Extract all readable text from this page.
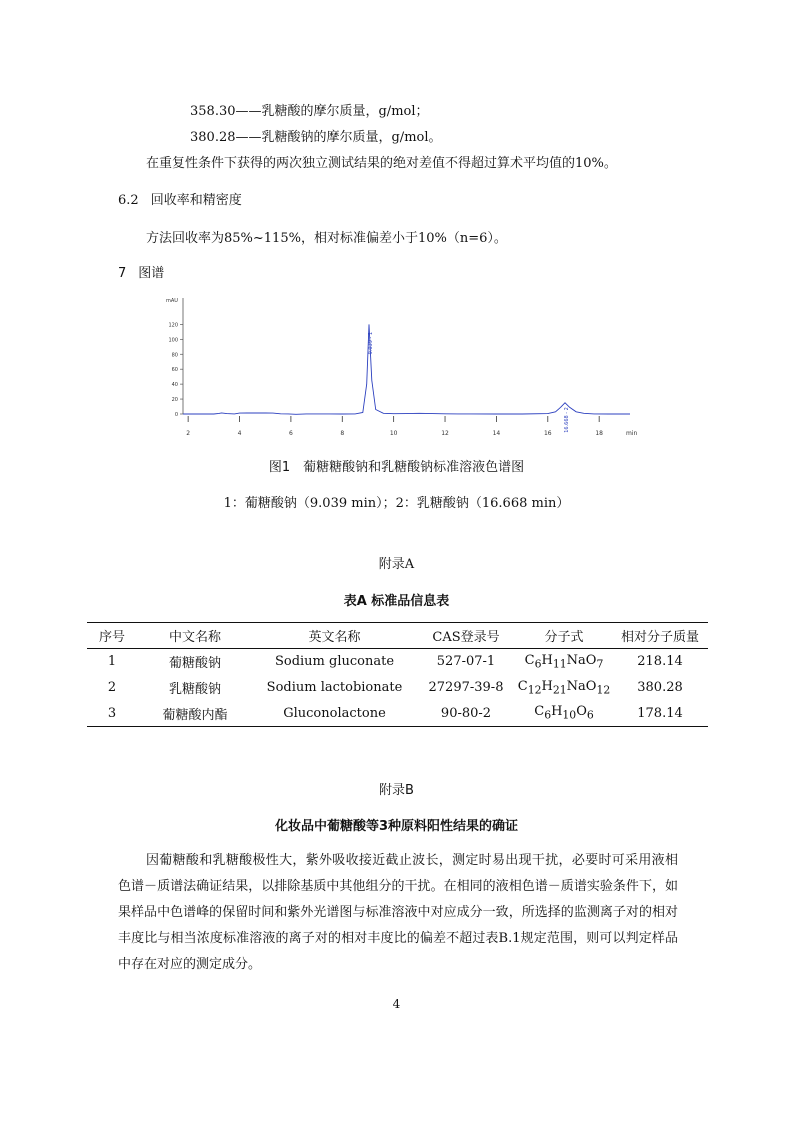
358.30——乳糖酸的摩尔质量，g/mol；
380.28——乳糖酸钠的摩尔质量，g/mol。
在重复性条件下获得的两次独立测试结果的绝对差值不得超过算术平均值的10%。
6.2 回收率和精密度
方法回收率为85%~115%，相对标准偏差小于10%（n=6）。
7 图谱
0
20
40
60
80
100
120
mAU
2	4	6	8	10	12	14	16	18	min
9.039 - 1
16.668 - 2
图1　葡糖糖酸钠和乳糖酸钠标准溶液色谱图
1：葡糖酸钠（9.039 min）；2：乳糖酸钠（16.668 min）
附录A
表A 标准品信息表
序号	中文名称	英文名称	CAS登录号	分子式	相对分子质量
1	葡糖酸钠	Sodium gluconate	527-07-1	$C_6H_{11}NaO_7$	218.14
2	乳糖酸钠	Sodium lactobionate	27297-39-8	$C_{12}H_{21}NaO_{12}$	380.28
3	葡糖酸内酯	Gluconolactone	90-80-2	$C_6H_{10}O_6$	178.14
附录B
化妆品中葡糖酸等3种原料阳性结果的确证
因葡糖酸和乳糖酸极性大，紫外吸收接近截止波长，测定时易出现干扰，必要时可采用液相色谱－质谱法确证结果，以排除基质中其他组分的干扰。在相同的液相色谱－质谱实验条件下，如果样品中色谱峰的保留时间和紫外光谱图与标准溶液中对应成分一致，所选择的监测离子对的相对丰度比与相当浓度标准溶液的离子对的相对丰度比的偏差不超过表B.1规定范围，则可以判定样品中存在对应的测定成分。
4
